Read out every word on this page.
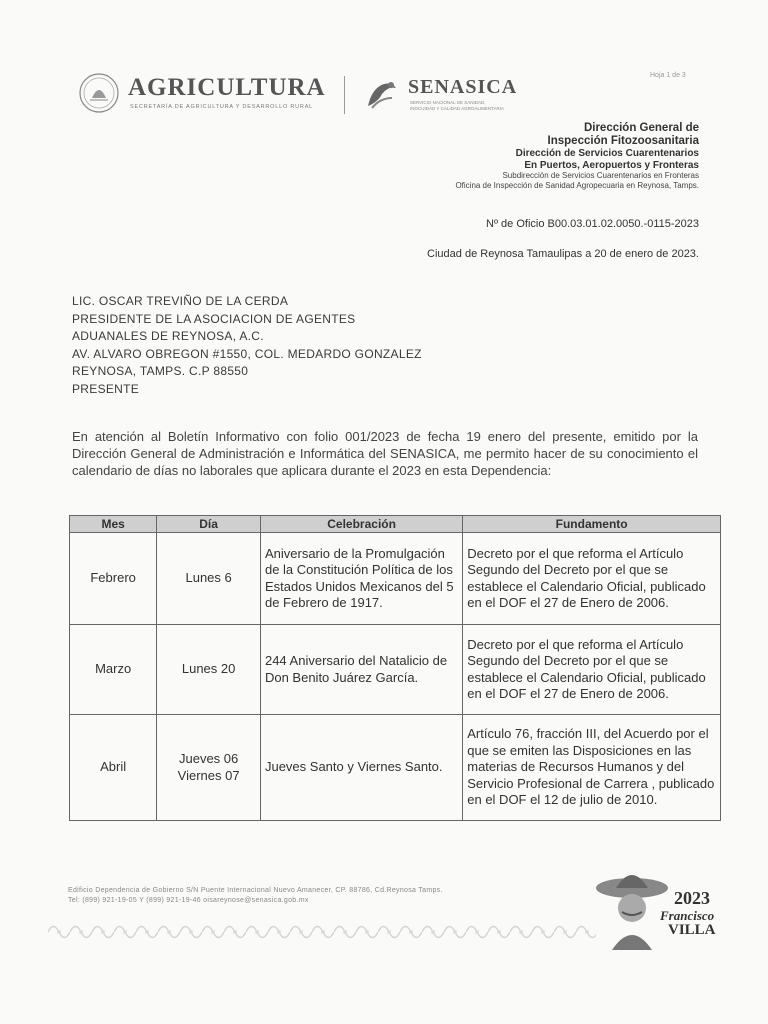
AGRICULTURA
SECRETARÍA DE AGRICULTURA Y DESARROLLO RURAL
SENASICA
SERVICIO NACIONAL DE SANIDAD,
INOCUIDAD Y CALIDAD AGROALIMENTARIA
Hoja 1 de 3
Dirección General de
Inspección Fitozoosanitaria
Dirección de Servicios Cuarentenarios
En Puertos, Aeropuertos y Fronteras
Subdirección de Servicios Cuarentenarios en Fronteras
Oficina de Inspección de Sanidad Agropecuaria en Reynosa, Tamps.
Nº de Oficio B00.03.01.02.0050.-0115-2023
Ciudad de Reynosa Tamaulipas a 20 de enero de 2023.
LIC. OSCAR TREVIÑO DE LA CERDA
PRESIDENTE DE LA ASOCIACION DE AGENTES
ADUANALES DE REYNOSA, A.C.
AV. ALVARO OBREGON #1550, COL. MEDARDO GONZALEZ
REYNOSA, TAMPS. C.P 88550
PRESENTE
En atención al Boletín Informativo con folio 001/2023 de fecha 19 enero del presente, emitido por la Dirección General de Administración e Informática del SENASICA, me permito hacer de su conocimiento el calendario de días no laborales que aplicara durante el 2023 en esta Dependencia:
Mes	Día	Celebración	Fundamento
Febrero	Lunes 6	Aniversario de la Promulgación de la Constitución Política de los Estados Unidos Mexicanos del 5 de Febrero de 1917.	Decreto por el que reforma el Artículo Segundo del Decreto por el que se establece el Calendario Oficial, publicado en el DOF el 27 de Enero de 2006.
Marzo	Lunes 20	244 Aniversario del Natalicio de Don Benito Juárez García.	Decreto por el que reforma el Artículo Segundo del Decreto por el que se establece el Calendario Oficial, publicado en el DOF el 27 de Enero de 2006.
Abril	Jueves 06
Viernes 07	Jueves Santo y Viernes Santo.	Artículo 76, fracción III, del Acuerdo por el que se emiten las Disposiciones en las materias de Recursos Humanos y del Servicio Profesional de Carrera , publicado en el DOF el 12 de julio de 2010.
Edificio Dependencia de Gobierno S/N Puente Internacional Nuevo Amanecer, CP. 88786, Cd.Reynosa Tamps.
Tel: (899) 921-19-05 Y (899) 921-19-46 oisareynose@senasica.gob.mx	2023
Francisco
VILLA
